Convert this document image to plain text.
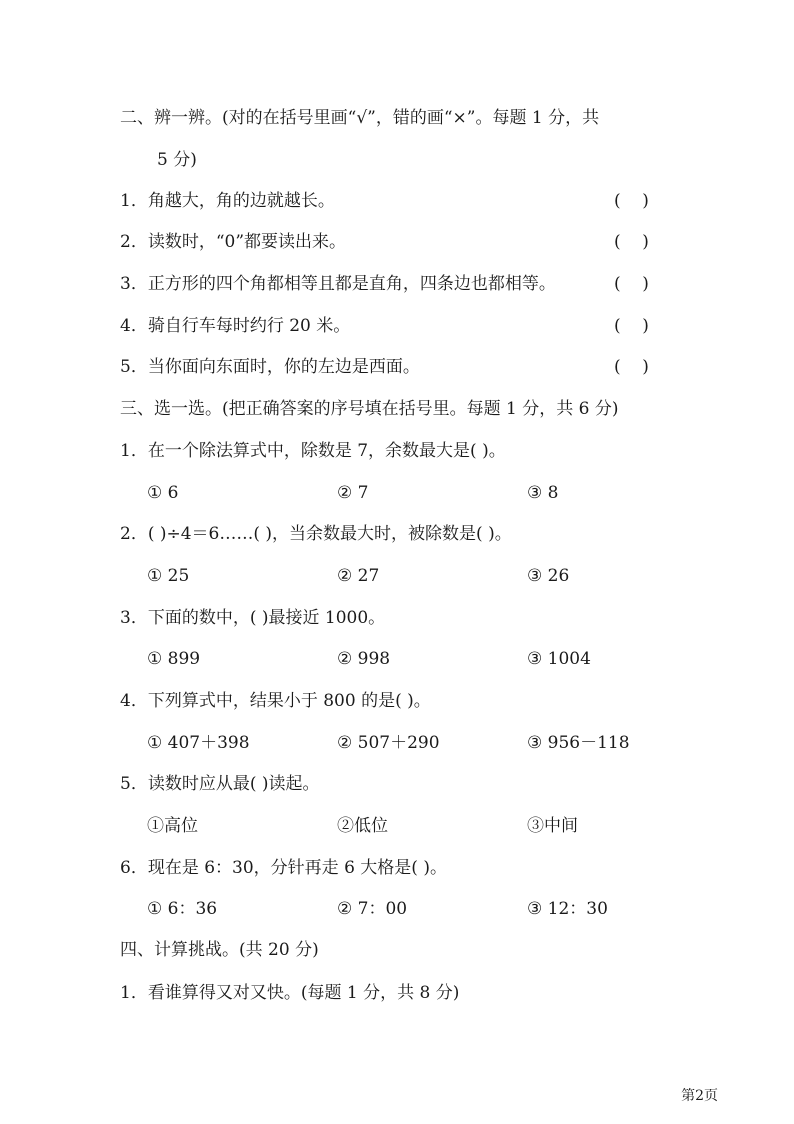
二、辨一辨。(对的在括号里画“√”，错的画“×”。每题 1 分，共
5 分)
1．角越大，角的边就越长。	(    )
2．读数时，“0”都要读出来。	(    )
3．正方形的四个角都相等且都是直角，四条边也都相等。	(    )
4．骑自行车每时约行 20 米。	(    )
5．当你面向东面时，你的左边是西面。	(    )
三、选一选。(把正确答案的序号填在括号里。每题 1 分，共 6 分)
1．在一个除法算式中，除数是 7，余数最大是( )。
① 6	② 7	③ 8
2．( )÷4＝6……( )，当余数最大时，被除数是( )。
① 25	② 27	③ 26
3．下面的数中，( )最接近 1000。
① 899	② 998	③ 1004
4．下列算式中，结果小于 800 的是( )。
① 407＋398	② 507＋290	③ 956－118
5．读数时应从最( )读起。
①高位	②低位	③中间
6．现在是 6：30，分针再走 6 大格是( )。
① 6：36	② 7：00	③ 12：30
四、计算挑战。(共 20 分)
1．看谁算得又对又快。(每题 1 分，共 8 分)
第2页
